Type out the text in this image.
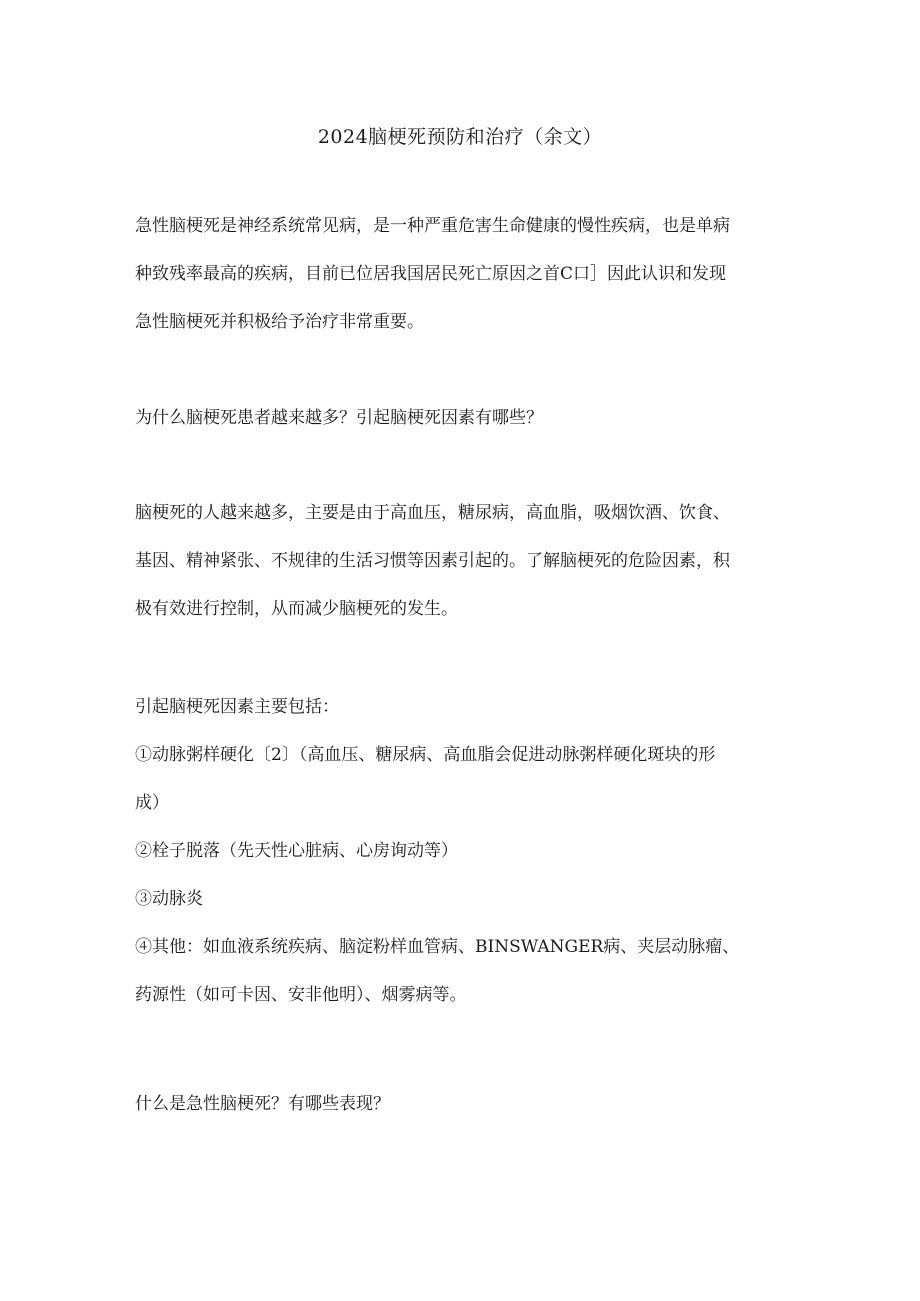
2024脑梗死预防和治疗（余文）

急性脑梗死是神经系统常见病，是一种严重危害生命健康的慢性疾病，也是单病
种致残率最高的疾病，目前已位居我国居民死亡原因之首C口］因此认识和发现
急性脑梗死并积极给予治疗非常重要。

为什么脑梗死患者越来越多？引起脑梗死因素有哪些？

脑梗死的人越来越多，主要是由于高血压，糖尿病，高血脂，吸烟饮酒、饮食、
基因、精神紧张、不规律的生活习惯等因素引起的。了解脑梗死的危险因素，积
极有效进行控制，从而减少脑梗死的发生。

引起脑梗死因素主要包括：
①动脉粥样硬化〔2〕（高血压、糖尿病、高血脂会促进动脉粥样硬化斑块的形
成）
②栓子脱落（先天性心脏病、心房询动等）
③动脉炎
④其他：如血液系统疾病、脑淀粉样血管病、BINSWANGER病、夹层动脉瘤、
药源性（如可卡因、安非他明）、烟雾病等。

什么是急性脑梗死？有哪些表现？
